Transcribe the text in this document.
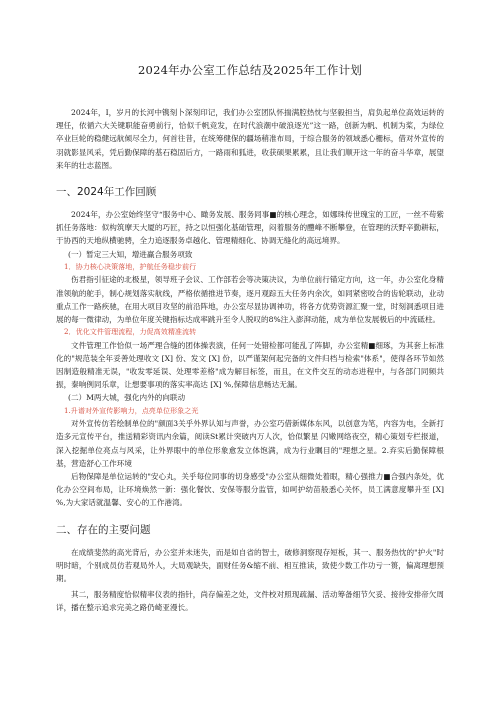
2024年办公室工作总结及2025年工作计划

2024年，I，岁月的长河中镌刻卜深刻印记，我们办公室团队怀揣满腔热忱与坚毅担当，肩负起单位高效运转的理任，依循六大关键职能奋勇前行，恰似千帆竞发，在时代浪潮中破浪逐光”这一路，创新为帆、机制为桨，为绿位卒业巨轮的稳健远航倾尽全力，何首往昔，在统筹健保的疆场稍准布局，于综合服务的领域悉心栅标，借对外宣传的羽就影显风采，凭后勤保障的基石稳固后方，一路雨和狐进，收获硕果累累，且让我们顺开这一年的奋斗华章，展望来年的壮志蓝图。

一、2024年工作回顾

2024年，办公室始终坚守“服务中心、瞰务发展、服务同事■的核心理念，如娜珠传世瑰宝的工匠，一丝不苟紫抓任务落地：似构筑摩天大厦的巧匠，持之以恒强化基础管理，闷着服务的醴峰不断攀登，在管理的沃野辛勤耕耘，于协西的天地纵横驰骋，全力追逐服务卓越化、管理精细化、协调无缝化的高远境界。

(一）暂定三大知，增进赢合服务项致
1．协力核心决策落地，护航任务稳步前行

伤君指引征途的北极星，领导班子会议、工作部若会等决策决议，为单位前行锚定方向，这一年，办公室化身精准领航的舵手，制心规划落实航线，严格依循推进节奏，逐月观踪五大任务内余次，如同紧密咬合的齿轮联动，业动重点工作一路疾驰，在用大项目攻坚的前沿阵地，办公室尽显协调神功，将各方优势资源汇聚一堂，时刻洞悉项目进展的每一微律动，为单位年度关键指标达成率跳升至令人脱叹的8%注入澎湃动能，成为单位发展极后的中流砥柱。

2．优化文件管理流程，力促高效精准流转

文件管理工作恰似一场严理合缝的团体操表演，任何一处错检都可能乱了阵脚，办公室精■细琢，为其套上标准化的"规范装全年妥善处理收文 [X] 份、发文 [X] 份，以严谨架何起完备的文件归档与检索"体系"，使得各环节如然因制造般精准无误，"收发零延误、处理零差格"成为解目标签，而且，在文件交互的动态进程中，与各部门同频共振，秦响例同乐章，让想要事项的落实率高达 [X] %,保障信息畅达无漏。

(二）M两大城，强化内外的向联动
1.升谱对外宣传影响力，点亮单位形象之光

对外宣传仿若绘制单位的"颜面3关乎外界认知与声誉，办公室巧借新媒体东风，以创意为笔，内容为电，全新打造多元宣传平台，推送精彩资讯内余篇，阅读St累计突破内万人次，恰似繁星 闪嫩网络夜空，精心策划专栏报道，深入挖掘单位亮点与风采，让外界眼中的单位形象愈发立体饱满，成为行业瞩目的"理想之星。2.弃实后勤保障根基，营造舒心工作环境

后物保障是单位运转的"安心丸，关乎每位同事的切身感受"办公室从细微处着眼，精心强推力■合强内条处，优化办公空间布局，让环境焕然一新：强化餐饮、安保等服分监管，如呵护幼苗般悉心关怀，员工满意度攀升至 [X] %,为大家话就温馨、安心的工作港湾。

二、存在的主要问题

在成绩斐然的高光背后，办公室并未迷失，而是如自省的智士，破修洞察现存短板，其一、服务热忱的"护火"时明时暗，个别成员仿若观局外人，大局观缺失，面财任务&缩不前、相互推读，致使少数工作功亏一篑，偏离理想预期。

其二，服务精度恰似精率仪表的指针，尚存偏差之处，文件校对照现疏漏、活动筹备细节欠妥、接待安排帝欠周详，播在整示追求完美之路仍崎亚漫长。
